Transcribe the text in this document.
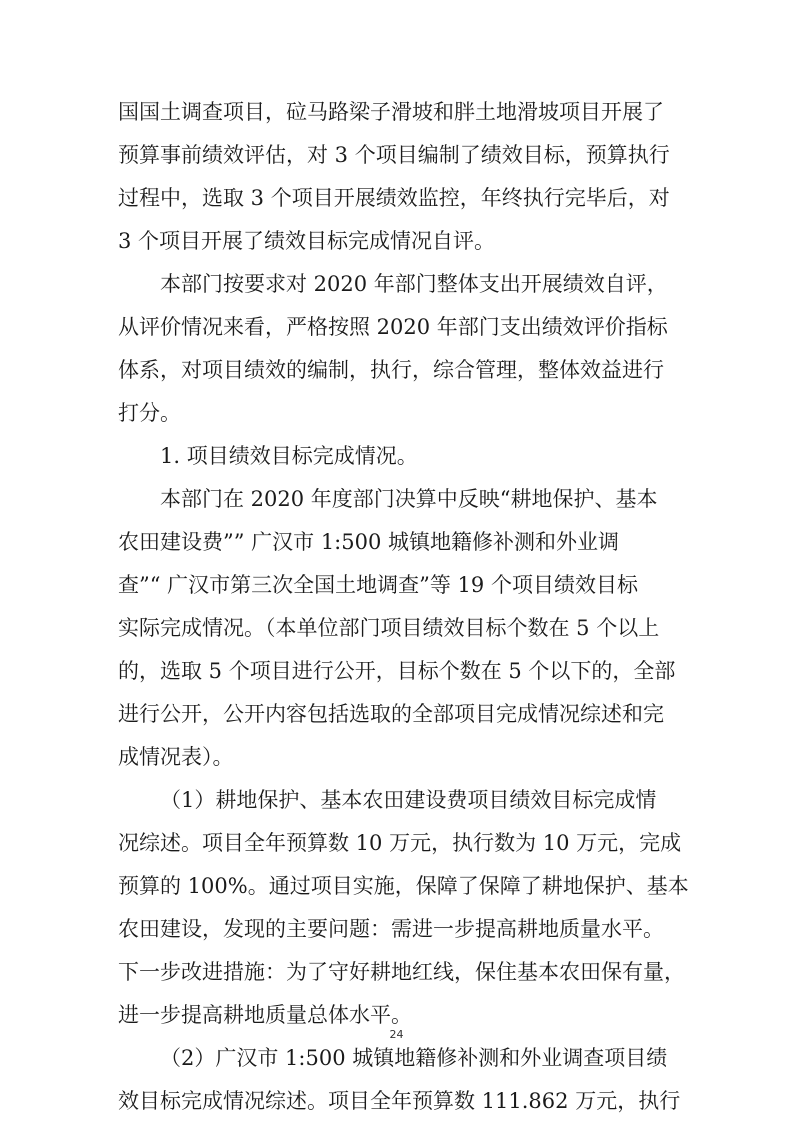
国国土调查项目，砬马路梁子滑坡和胖土地滑坡项目开展了
预算事前绩效评估，对 3 个项目编制了绩效目标，预算执行
过程中，选取 3 个项目开展绩效监控，年终执行完毕后，对
3 个项目开展了绩效目标完成情况自评。
本部门按要求对 2020 年部门整体支出开展绩效自评，
从评价情况来看，严格按照 2020 年部门支出绩效评价指标
体系，对项目绩效的编制，执行，综合管理，整体效益进行
打分。
1. 项目绩效目标完成情况。
本部门在 2020 年度部门决算中反映“耕地保护、基本
农田建设费”” 广汉市 1:500 城镇地籍修补测和外业调
查”“ 广汉市第三次全国土地调查”等 19 个项目绩效目标
实际完成情况。（本单位部门项目绩效目标个数在 5 个以上
的，选取 5 个项目进行公开，目标个数在 5 个以下的，全部
进行公开，公开内容包括选取的全部项目完成情况综述和完
成情况表）。
（1）耕地保护、基本农田建设费项目绩效目标完成情
况综述。项目全年预算数 10 万元，执行数为 10 万元，完成
预算的 100%。通过项目实施，保障了保障了耕地保护、基本
农田建设，发现的主要问题：需进一步提高耕地质量水平。
下一步改进措施：为了守好耕地红线，保住基本农田保有量，
进一步提高耕地质量总体水平。
（2）广汉市 1:500 城镇地籍修补测和外业调查项目绩
效目标完成情况综述。项目全年预算数 111.862 万元，执行
24
